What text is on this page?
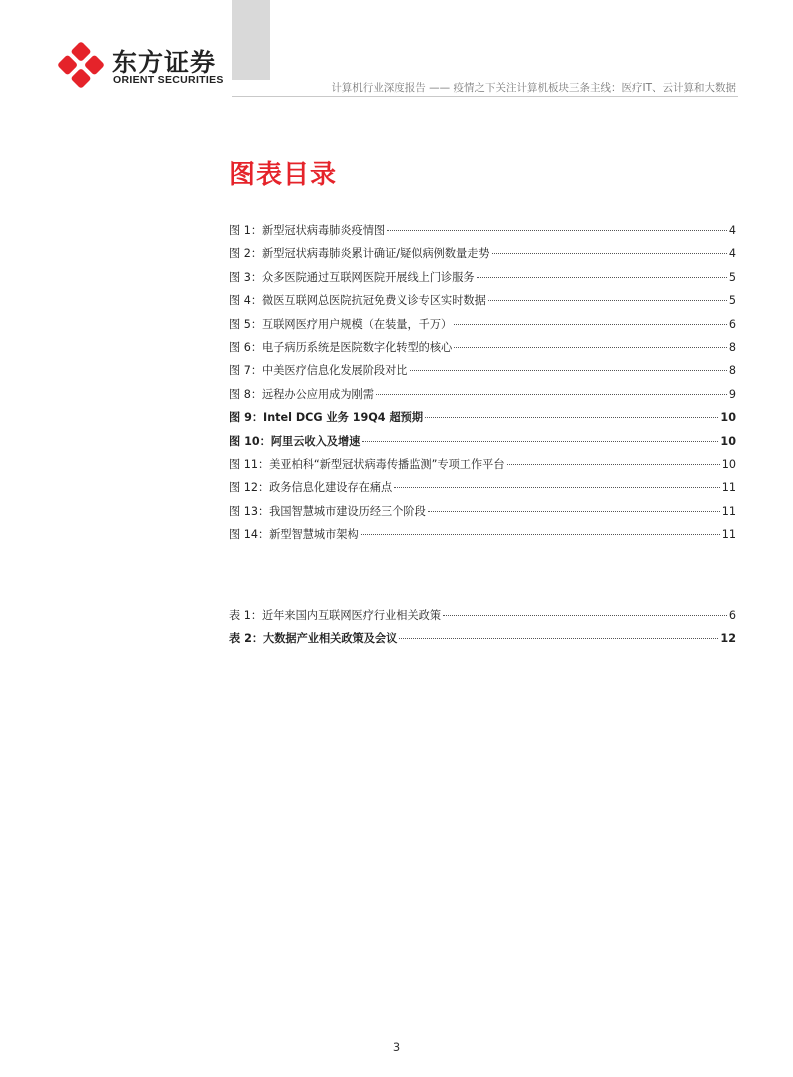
东方证券
ORIENT SECURITIES
计算机行业深度报告 —— 疫情之下关注计算机板块三条主线：医疗IT、云计算和大数据
图表目录
图 1：新型冠状病毒肺炎疫情图	4
图 2：新型冠状病毒肺炎累计确证/疑似病例数量走势	4
图 3：众多医院通过互联网医院开展线上门诊服务	5
图 4：微医互联网总医院抗冠免费义诊专区实时数据	5
图 5：互联网医疗用户规模（在装量，千万）	6
图 6：电子病历系统是医院数字化转型的核心	8
图 7：中美医疗信息化发展阶段对比	8
图 8：远程办公应用成为刚需	9
图 9：Intel DCG 业务 19Q4 超预期	10
图 10：阿里云收入及增速	10
图 11：美亚柏科“新型冠状病毒传播监测”专项工作平台	10
图 12：政务信息化建设存在痛点	11
图 13：我国智慧城市建设历经三个阶段	11
图 14：新型智慧城市架构	11
表 1：近年来国内互联网医疗行业相关政策	6
表 2：大数据产业相关政策及会议	12
3
